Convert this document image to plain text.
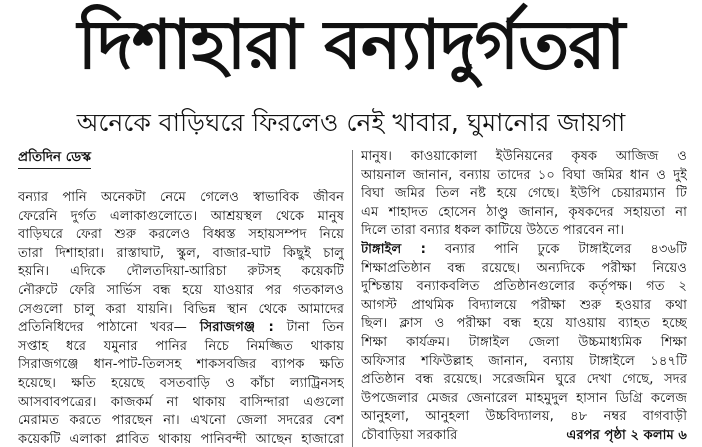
দিশাহারা বন্যাদুর্গতরা
অনেকে বাড়িঘরে ফিরলেও নেই খাবার, ঘুমানোর জায়গা
প্রতিদিন ডেস্ক
বন্যার পানি অনেকটা নেমে গেলেও স্বাভাবিক জীবন
ফেরেনি দুর্গত এলাকাগুলোতে। আশ্রয়স্থল থেকে মানুষ
বাড়িঘরে ফেরা শুরু করলেও বিধ্বস্ত সহায়সম্পদ নিয়ে
তারা দিশাহারা। রাস্তাঘাট, স্কুল, বাজার-ঘাট কিছুই চালু
হয়নি। এদিকে দৌলতদিয়া-আরিচা রুটসহ কয়েকটি
নৌরুটে ফেরি সার্ভিস বন্ধ হয়ে যাওয়ার পর গতকালও
সেগুলো চালু করা যায়নি। বিভিন্ন স্থান থেকে আমাদের
প্রতিনিধিদের পাঠানো খবর— সিরাজগঞ্জ : টানা তিন
সপ্তাহ ধরে যমুনার পানির নিচে নিমজ্জিত থাকায়
সিরাজগঞ্জে ধান-পাট-তিলসহ শাকসবজির ব্যাপক ক্ষতি
হয়েছে। ক্ষতি হয়েছে বসতবাড়ি ও কাঁচা ল্যাট্রিনসহ
আসবাবপত্রের। কাজকর্ম না থাকায় বাসিন্দারা এগুলো
মেরামত করতে পারছেন না। এখনো জেলা সদরের বেশ
কয়েকটি এলাকা প্লাবিত থাকায় পানিবন্দী আছেন হাজারো
মানুষ। কাওয়াকোলা ইউনিয়নের কৃষক আজিজ ও
আয়নাল জানান, বন্যায় তাদের ১০ বিঘা জমির ধান ও দুই
বিঘা জমির তিল নষ্ট হয়ে গেছে। ইউপি চেয়ারম্যান টি
এম শাহাদত হোসেন ঠাণ্ডু জানান, কৃষকদের সহায়তা না
দিলে তারা বন্যার ধকল কাটিয়ে উঠতে পারবেন না।
টাঙ্গাইল : বন্যার পানি ঢুকে টাঙ্গাইলের ৪৩৬টি
শিক্ষাপ্রতিষ্ঠান বন্ধ রয়েছে। অন্যদিকে পরীক্ষা নিয়েও
দুশ্চিন্তায় বন্যাকবলিত প্রতিষ্ঠানগুলোর কর্তৃপক্ষ। গত ২
আগস্ট প্রাথমিক বিদ্যালয়ে পরীক্ষা শুরু হওয়ার কথা
ছিল। ক্লাস ও পরীক্ষা বন্ধ হয়ে যাওয়ায় ব্যাহত হচ্ছে
শিক্ষা কার্যক্রম। টাঙ্গাইল জেলা উচ্চমাধ্যমিক শিক্ষা
অফিসার শফিউল্লাহ জানান, বন্যায় টাঙ্গাইলে ১৪৭টি
প্রতিষ্ঠান বন্ধ রয়েছে। সরেজমিন ঘুরে দেখা গেছে, সদর
উপজেলার মেজর জেনারেল মাহমুদুল হাসান ডিগ্রি কলেজ
আনুহলা, আনুহলা উচ্চবিদ্যালয়, ৪৮ নম্বর বাগবাড়ী
চৌবাড়িয়া সরকারি	এরপর পৃষ্ঠা ২ কলাম ৬
